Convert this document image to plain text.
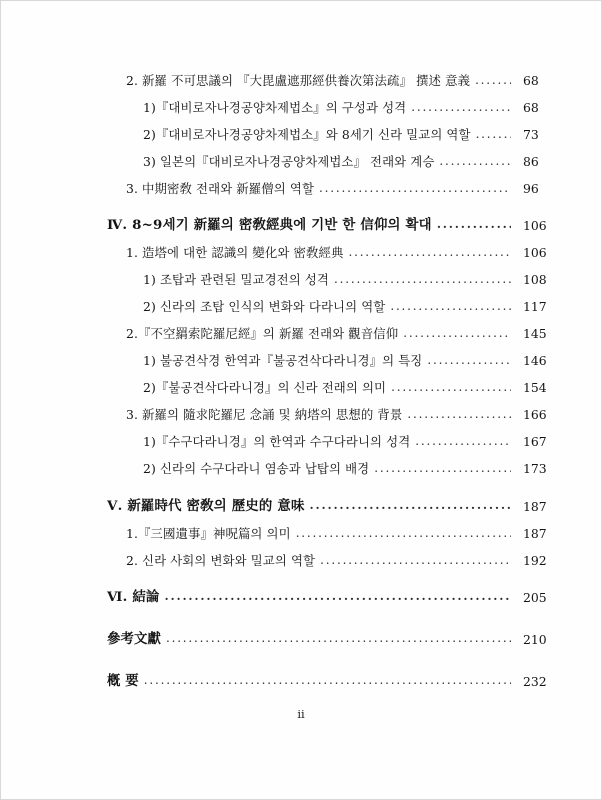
2. 新羅 不可思議의 『大毘盧遮那經供養次第法疏』 撰述 意義 .....	68
1)『대비로자나경공양차제법소』의 구성과 성격 .....	68
2)『대비로자나경공양차제법소』와 8세기 신라 밀교의 역할 .....	73
3) 일본의『대비로자나경공양차제법소』 전래와 계승 .....	86
3. 中期密敎 전래와 新羅僧의 역할 .....	96
Ⅳ. 8~9세기 新羅의 密敎經典에 기반 한 信仰의 확대 .....	106
1. 造塔에 대한 認識의 變化와 密敎經典 .....	106
1) 조탑과 관련된 밀교경전의 성격 .....	108
2) 신라의 조탑 인식의 변화와 다라니의 역할 .....	117
2.『不空羂索陀羅尼經』의 新羅 전래와 觀音信仰 .....	145
1) 불공견삭경 한역과『불공견삭다라니경』의 특징 .....	146
2)『불공견삭다라니경』의 신라 전래의 의미 .....	154
3. 新羅의 隨求陀羅尼 念誦 및 納塔의 思想的 背景 .....	166
1)『수구다라니경』의 한역과 수구다라니의 성격 .....	167
2) 신라의 수구다라니 염송과 납탑의 배경 .....	173
Ⅴ. 新羅時代 密敎의 歷史的 意味 .....	187
1.『三國遺事』神呪篇의 의미 .....	187
2. 신라 사회의 변화와 밀교의 역할 .....	192
Ⅵ. 結論 .....	205
參考文獻 .....	210
槪 要 .....	232
ii
